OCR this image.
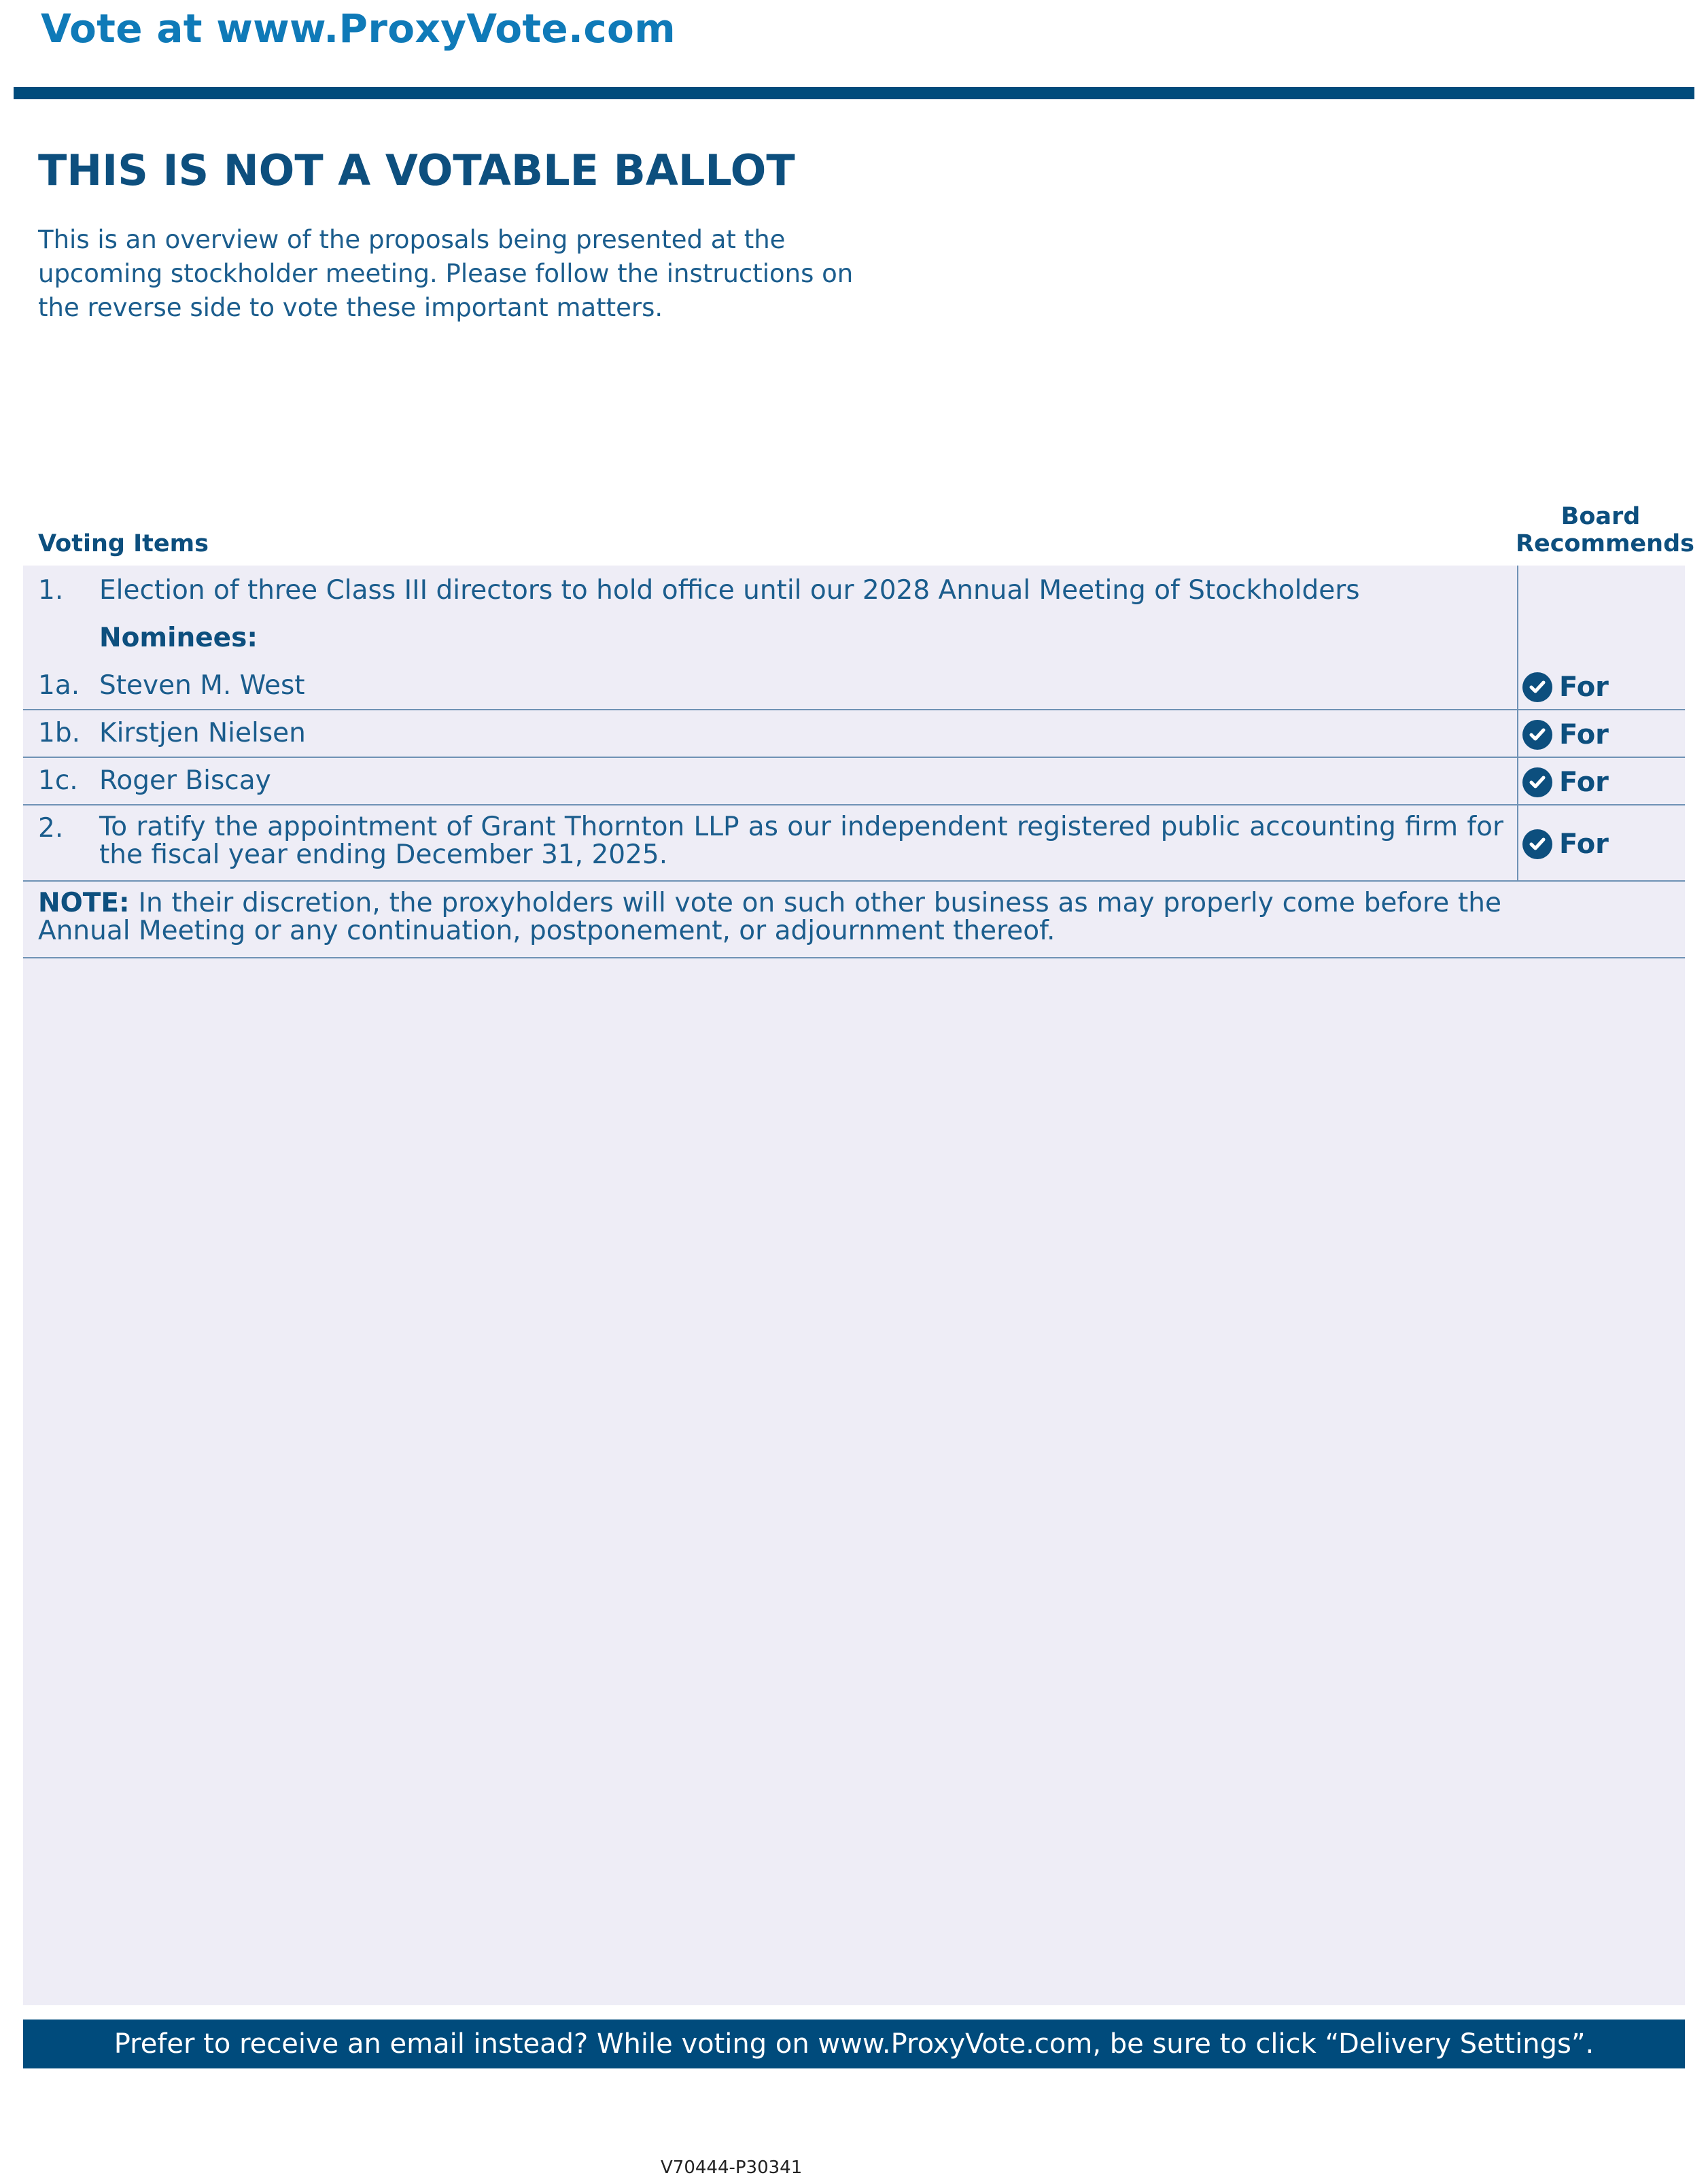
Vote at www.ProxyVote.com
THIS IS NOT A VOTABLE BALLOT
This is an overview of the proposals being presented at the upcoming stockholder meeting. Please follow the instructions on the reverse side to vote these important matters.
Voting Items
Board
Recommends
1. Election of three Class III directors to hold office until our 2028 Annual Meeting of Stockholders
Nominees:
1a. Steven M. West	For
1b. Kirstjen Nielsen	For
1c. Roger Biscay	For
2. To ratify the appointment of Grant Thornton LLP as our independent registered public accounting firm for the fiscal year ending December 31, 2025.	For
NOTE: In their discretion, the proxyholders will vote on such other business as may properly come before the Annual Meeting or any continuation, postponement, or adjournment thereof.
Prefer to receive an email instead? While voting on www.ProxyVote.com, be sure to click “Delivery Settings”.
V70444-P30341
